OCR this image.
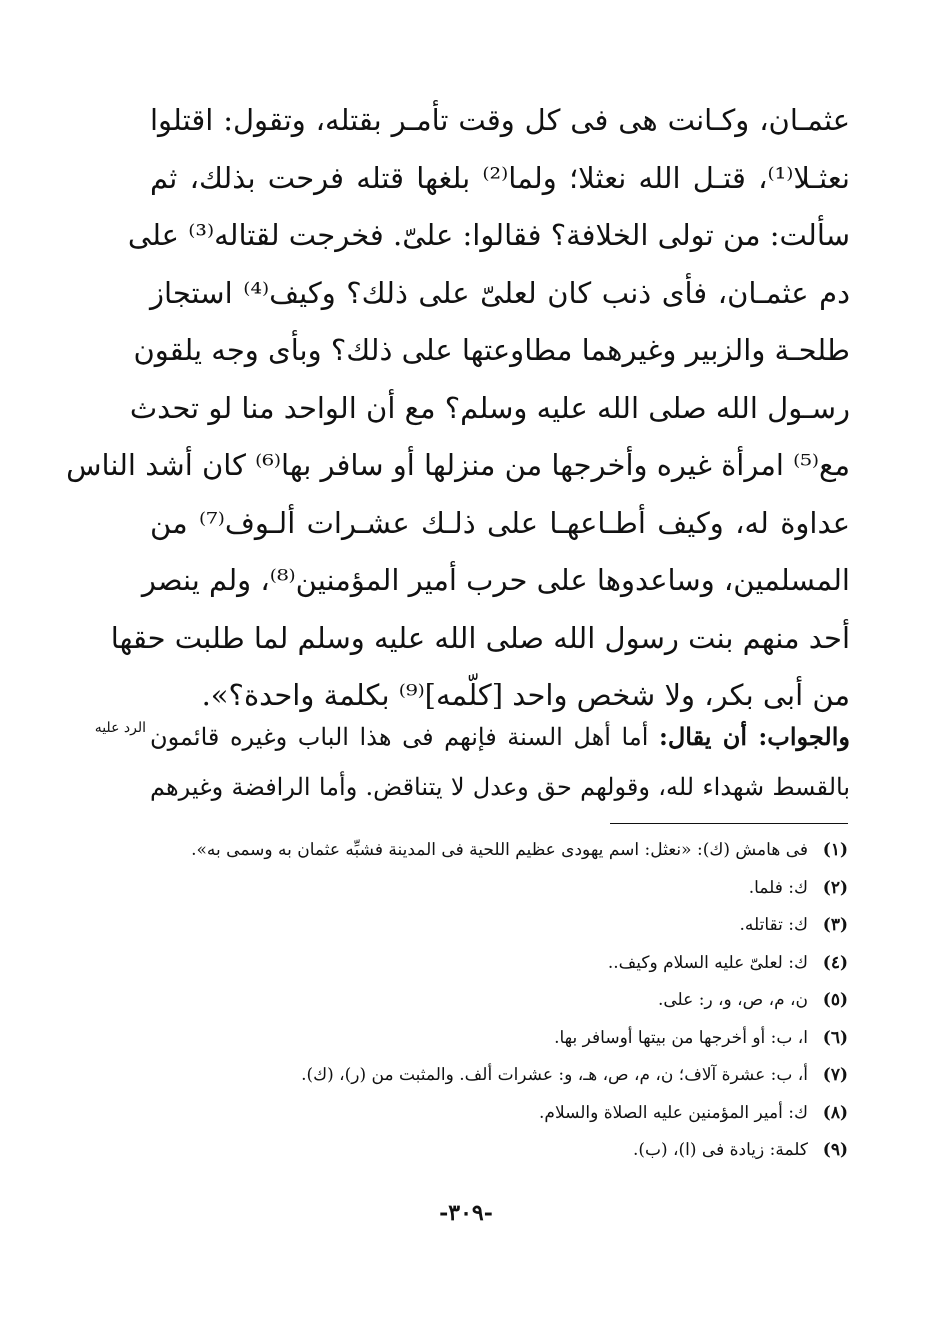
عثمـان، وكـانت هى فى كل وقت تأمـر بقتله، وتقول: اقتلوا
نعثـلا⁽¹⁾، قتـل الله نعثلا؛ ولما⁽²⁾ بلغها قتله فرحت بذلك، ثم
سألت: من تولى الخلافة؟ فقالوا: علىّ. فخرجت لقتاله⁽³⁾ على
دم عثمـان، فأى ذنب كان لعلىّ على ذلك؟ وكيف⁽⁴⁾ استجاز
طلحـة والزبير وغيرهما مطاوعتها على ذلك؟ وبأى وجه يلقون
رسـول الله صلى الله عليه وسلم؟ مع أن الواحد منا لو تحدث
مع⁽⁵⁾ امرأة غيره وأخرجها من منزلها أو سافر بها⁽⁶⁾ كان أشد الناس
عداوة له، وكيف أطـاعهـا على ذلـك عشـرات ألـوف⁽⁷⁾ من
المسلمين، وساعدوها على حرب أمير المؤمنين⁽⁸⁾، ولم ينصر
أحد منهم بنت رسول الله صلى الله عليه وسلم لما طلبت حقها
من أبى بكر، ولا شخص واحد [كلّمه]⁽⁹⁾ بكلمة واحدة؟».
الرد عليه	والجواب: أن يقال: أما أهل السنة فإنهم فى هذا الباب وغيره قائمون
بالقسط شهداء لله، وقولهم حق وعدل لا يتناقض. وأما الرافضة وغيرهم
(١)فى هامش (ك): «نعثل: اسم يهودى عظيم اللحية فى المدينة فشبِّه عثمان به وسمى به».
(٢)ك: فلما.
(٣)ك: تقاتله.
(٤)ك: لعلىّ عليه السلام وكيف..
(٥)ن، م، ص، و، ر: على.
(٦)ا، ب: أو أخرجها من بيتها أوسافر بها.
(٧)أ، ب: عشرة آلاف؛ ن، م، ص، هـ، و: عشرات ألف. والمثبت من (ر)، (ك).
(٨)ك: أمير المؤمنين عليه الصلاة والسلام.
(٩)كلمة: زيادة فى (ا)، (ب).
-٣٠٩-
